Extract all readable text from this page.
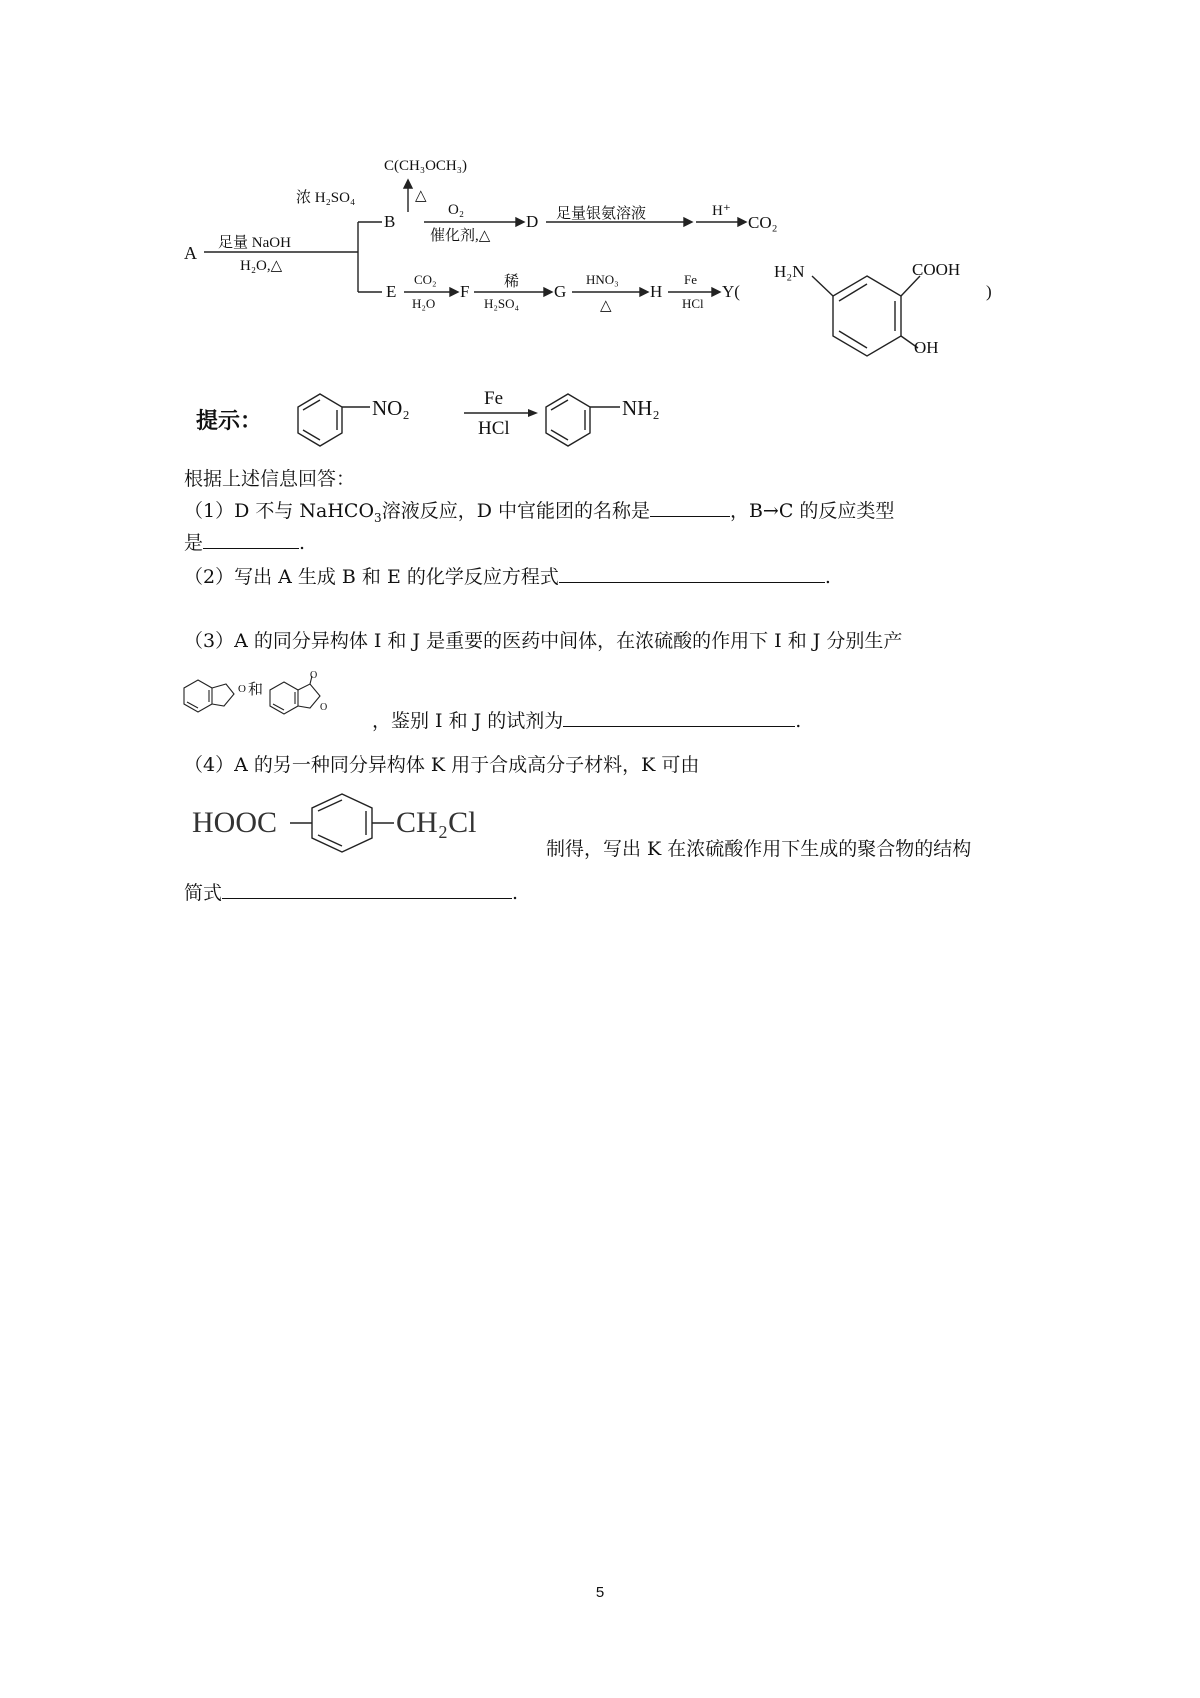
A 足量 NaOH
H₂O,△
C(CH₃OCH₃)
浓 H₂SO₄	△
B
O₂
催化剂,△
D 足量银氨溶液	H⁺
CO₂
E
CO₂
H₂O
F 稀
H₂SO₄
G
HNO₃
△
H
Fe
HCl
Y(
H₂N	COOH
OH
)
提示：
NO₂	Fe
HCl
NH₂
根据上述信息回答：
（1）D 不与 NaHCO$_3$溶液反应，D 中官能团的名称是	，B→C 的反应类型
是	.
（2）写出 A 生成 B 和 E 的化学反应方程式	.
（3）A 的同分异构体 I 和 J 是重要的医药中间体，在浓硫酸的作用下 I 和 J 分别生产
O 和
O
O
，鉴别 I 和 J 的试剂为	.
（4）A 的另一种同分异构体 K 用于合成高分子材料，K 可由
HOOC	CH₂Cl
制得，写出 K 在浓硫酸作用下生成的聚合物的结构
简式	.
5
